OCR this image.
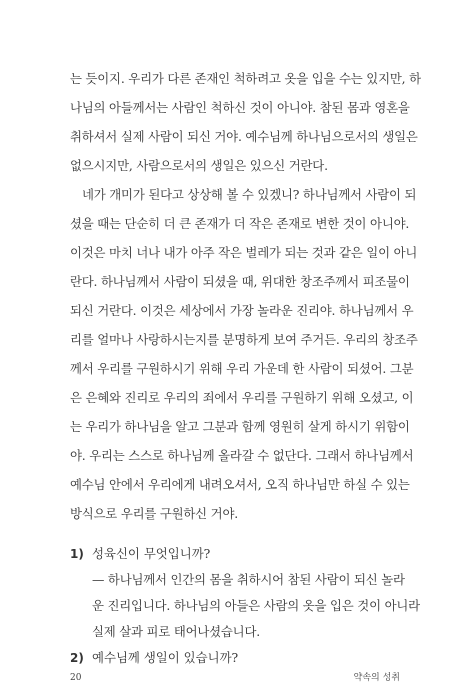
는 듯이지. 우리가 다른 존재인 척하려고 옷을 입을 수는 있지만, 하
나님의 아들께서는 사람인 척하신 것이 아니야. 참된 몸과 영혼을
취하셔서 실제 사람이 되신 거야. 예수님께 하나님으로서의 생일은
없으시지만, 사람으로서의 생일은 있으신 거란다.
네가 개미가 된다고 상상해 볼 수 있겠니? 하나님께서 사람이 되
셨을 때는 단순히 더 큰 존재가 더 작은 존재로 변한 것이 아니야.
이것은 마치 너나 내가 아주 작은 벌레가 되는 것과 같은 일이 아니
란다. 하나님께서 사람이 되셨을 때, 위대한 창조주께서 피조물이
되신 거란다. 이것은 세상에서 가장 놀라운 진리야. 하나님께서 우
리를 얼마나 사랑하시는지를 분명하게 보여 주거든. 우리의 창조주
께서 우리를 구원하시기 위해 우리 가운데 한 사람이 되셨어. 그분
은 은혜와 진리로 우리의 죄에서 우리를 구원하기 위해 오셨고, 이
는 우리가 하나님을 알고 그분과 함께 영원히 살게 하시기 위함이
야. 우리는 스스로 하나님께 올라갈 수 없단다. 그래서 하나님께서
예수님 안에서 우리에게 내려오셔서, 오직 하나님만 하실 수 있는
방식으로 우리를 구원하신 거야.
1) 성육신이 무엇입니까?
— 하나님께서 인간의 몸을 취하시어 참된 사람이 되신 놀라
운 진리입니다. 하나님의 아들은 사람의 옷을 입은 것이 아니라
실제 살과 피로 태어나셨습니다.
2) 예수님께 생일이 있습니까?
20	약속의 성취
